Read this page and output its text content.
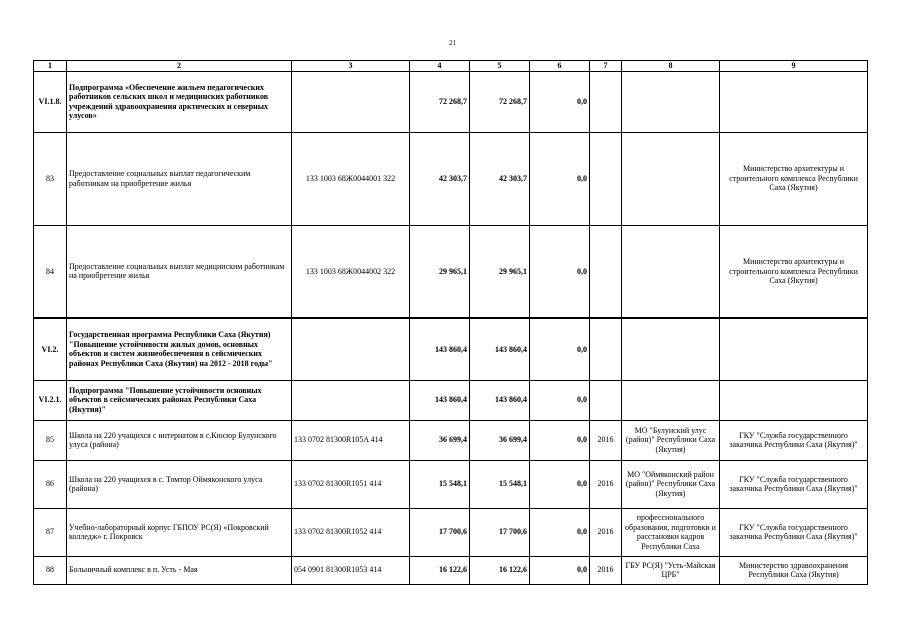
21
1	2	3	4	5	6	7	8	9
VI.1.8.	Подпрограмма «Обеспечение жильем педагогических работников сельских школ и медицинских работников учреждений здравоохранения арктических и северных улусов»		72 268,7	72 268,7	0,0			
83	Предоставление социальных выплат педагогическим работникам на приобретение жилья	133 1003 68Ж0044001 322	42 303,7	42 303,7	0,0			Министерство архитектуры и строительного комплекса Республики Саха (Якутия)
84	Предоставление социальных выплат медицинским работникам на приобретение жилья	133 1003 68Ж0044002 322	29 965,1	29 965,1	0,0			Министерство архитектуры и строительного комплекса Республики Саха (Якутия)
VI.2.	Государственная программа Республики Саха (Якутия) "Повышение устойчивости жилых домов, основных объектов и систем жизнеобеспечения в сейсмических районах Республики Саха (Якутия) на 2012 - 2018 годы"		143 860,4	143 860,4	0,0			
VI.2.1.	Подпрограмма "Повышение устойчивости основных объектов в сейсмических районах Республики Саха (Якутия)"		143 860,4	143 860,4	0,0			
85	Школа на 220 учащихся с интернатом в с.Кюсюр Булунского улуса (района)	133 0702 81300R105A 414	36 699,4	36 699,4	0,0	2016	МО "Булунский улус (район)" Республики Саха (Якутия)	ГКУ "Служба государственного заказчика Республики Саха (Якутия)"
86	Школа на 220 учащихся в с. Томтор Оймяконского улуса (района)	133 0702 81300R1051 414	15 548,1	15 548,1	0,0	2016	МО "Оймяконский район (район)" Республики Саха (Якутия)	ГКУ "Служба государственного заказчика Республики Саха (Якутия)"
87	Учебно-лабораторный корпус ГБПОУ РС(Я) «Покровский колледж» г. Покровск	133 0702 81300R1052 414	17 700,6	17 700,6	0,0	2016	профессионального образования, подготовки и расстановки кадров Республики Саха	ГКУ "Служба государственного заказчика Республики Саха (Якутия)"
88	Больничный комплекс в п. Усть - Мая	054 0901 81300R1053 414	16 122,6	16 122,6	0,0	2016	ГБУ РС(Я) "Усть-Майская ЦРБ"	Министерство здравоохранения Республики Саха (Якутия)
